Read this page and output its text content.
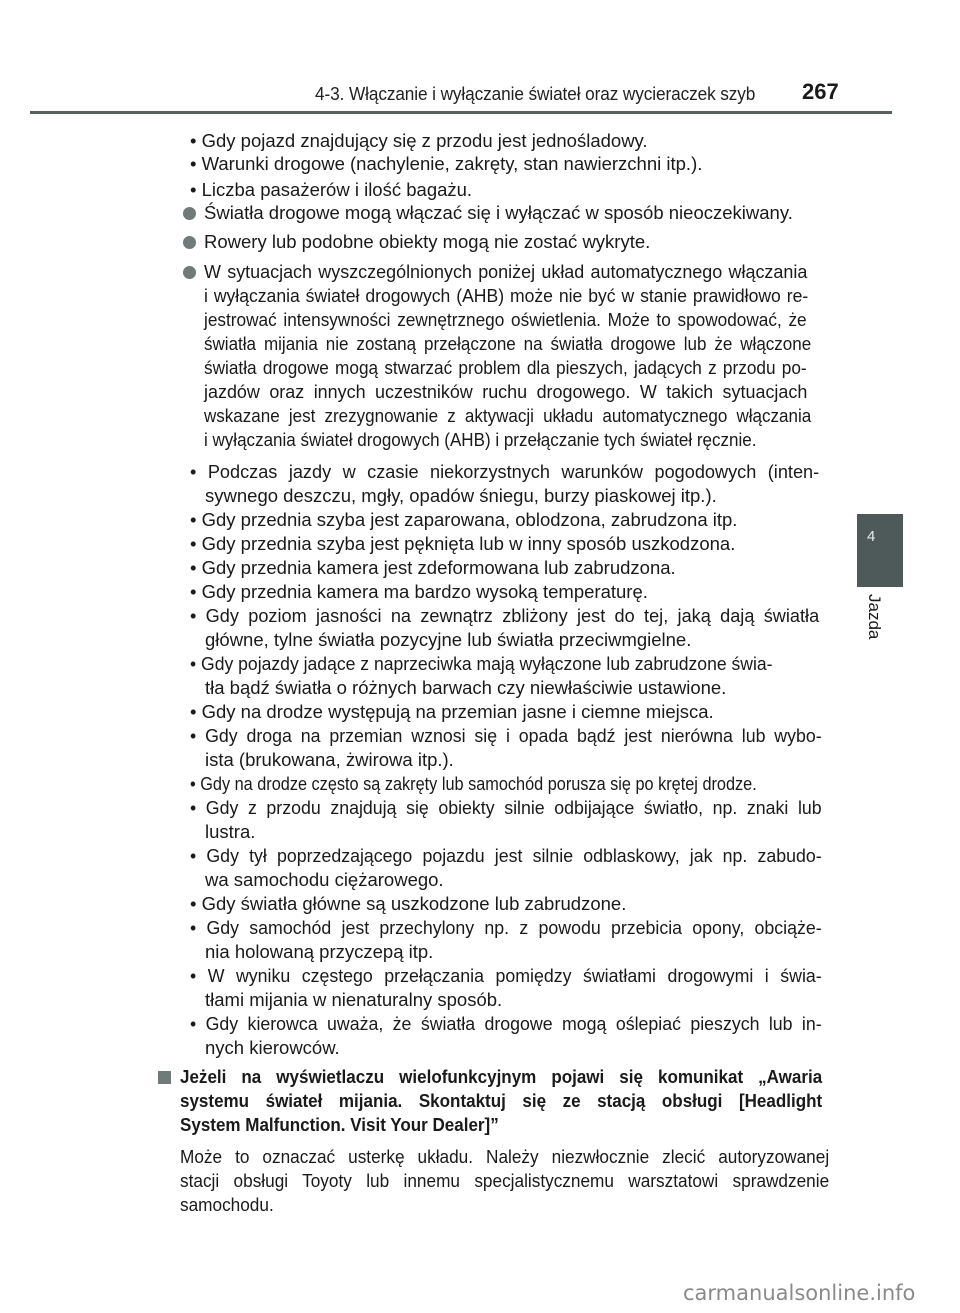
4-3. Włączanie i wyłączanie świateł oraz wycieraczek szyb 267
4
Jazda
• Gdy pojazd znajdujący się z przodu jest jednośladowy.
• Warunki drogowe (nachylenie, zakręty, stan nawierzchni itp.).
• Liczba pasażerów i ilość bagażu.
Światła drogowe mogą włączać się i wyłączać w sposób nieoczekiwany.
Rowery lub podobne obiekty mogą nie zostać wykryte.
W sytuacjach wyszczególnionych poniżej układ automatycznego włączania
i wyłączania świateł drogowych (AHB) może nie być w stanie prawidłowo re-
jestrować intensywności zewnętrznego oświetlenia. Może to spowodować, że
światła mijania nie zostaną przełączone na światła drogowe lub że włączone
światła drogowe mogą stwarzać problem dla pieszych, jadących z przodu po-
jazdów oraz innych uczestników ruchu drogowego. W takich sytuacjach
wskazane jest zrezygnowanie z aktywacji układu automatycznego włączania
i wyłączania świateł drogowych (AHB) i przełączanie tych świateł ręcznie.
• Podczas jazdy w czasie niekorzystnych warunków pogodowych (inten-
sywnego deszczu, mgły, opadów śniegu, burzy piaskowej itp.).
• Gdy przednia szyba jest zaparowana, oblodzona, zabrudzona itp.
• Gdy przednia szyba jest pęknięta lub w inny sposób uszkodzona.
• Gdy przednia kamera jest zdeformowana lub zabrudzona.
• Gdy przednia kamera ma bardzo wysoką temperaturę.
• Gdy poziom jasności na zewnątrz zbliżony jest do tej, jaką dają światła
główne, tylne światła pozycyjne lub światła przeciwmgielne.
• Gdy pojazdy jadące z naprzeciwka mają wyłączone lub zabrudzone świa-
tła bądź światła o różnych barwach czy niewłaściwie ustawione.
• Gdy na drodze występują na przemian jasne i ciemne miejsca.
• Gdy droga na przemian wznosi się i opada bądź jest nierówna lub wybo-
ista (brukowana, żwirowa itp.).
• Gdy na drodze często są zakręty lub samochód porusza się po krętej drodze.
• Gdy z przodu znajdują się obiekty silnie odbijające światło, np. znaki lub
lustra.
• Gdy tył poprzedzającego pojazdu jest silnie odblaskowy, jak np. zabudo-
wa samochodu ciężarowego.
• Gdy światła główne są uszkodzone lub zabrudzone.
• Gdy samochód jest przechylony np. z powodu przebicia opony, obciąże-
nia holowaną przyczepą itp.
• W wyniku częstego przełączania pomiędzy światłami drogowymi i świa-
tłami mijania w nienaturalny sposób.
• Gdy kierowca uważa, że światła drogowe mogą oślepiać pieszych lub in-
nych kierowców.
Jeżeli na wyświetlaczu wielofunkcyjnym pojawi się komunikat „Awaria
systemu świateł mijania. Skontaktuj się ze stacją obsługi [Headlight
System Malfunction. Visit Your Dealer]”
Może to oznaczać usterkę układu. Należy niezwłocznie zlecić autoryzowanej
stacji obsługi Toyoty lub innemu specjalistycznemu warsztatowi sprawdzenie
samochodu.
carmanualsonline.info
